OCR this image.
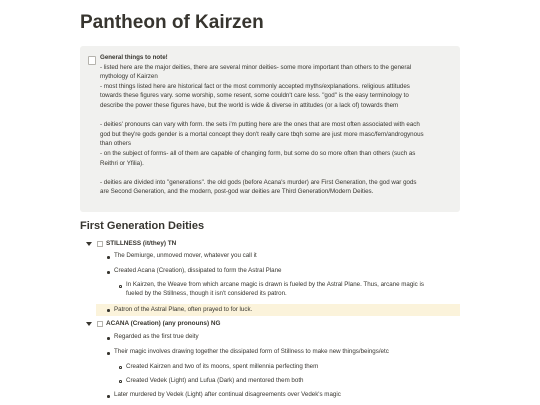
Pantheon of Kairzen
General things to note!
- listed here are the major deities, there are several minor deities- some more important than others to the general
mythology of Kairzen
- most things listed here are historical fact or the most commonly accepted myths/explanations. religious attitudes
towards these figures vary. some worship, some resent, some couldn't care less. "god" is the easy terminology to
describe the power these figures have, but the world is wide & diverse in attitudes (or a lack of) towards them
- deities' pronouns can vary with form. the sets i'm putting here are the ones that are most often associated with each
god but they're gods gender is a mortal concept they don't really care tbqh some are just more masc/fem/androgynous
than others
- on the subject of forms- all of them are capable of changing form, but some do so more often than others (such as
Reithri or Yfilia).
- deities are divided into "generations". the old gods (before Acana's murder) are First Generation, the god war gods
are Second Generation, and the modern, post-god war deities are Third Generation/Modern Deities.
First Generation Deities
STILLNESS (it/they) TN
The Demiurge, unmoved mover, whatever you call it
Created Acana (Creation), dissipated to form the Astral Plane
In Kairzen, the Weave from which arcane magic is drawn is fueled by the Astral Plane. Thus, arcane magic is
fueled by the Stillness, though it isn't considered its patron.
Patron of the Astral Plane, often prayed to for luck.
ACANA (Creation) (any pronouns) NG
Regarded as the first true deity
Their magic involves drawing together the dissipated form of Stillness to make new things/beings/etc
Created Kairzen and two of its moons, spent millennia perfecting them
Created Vedek (Light) and Lufua (Dark) and mentored them both
Later murdered by Vedek (Light) after continual disagreements over Vedek's magic
